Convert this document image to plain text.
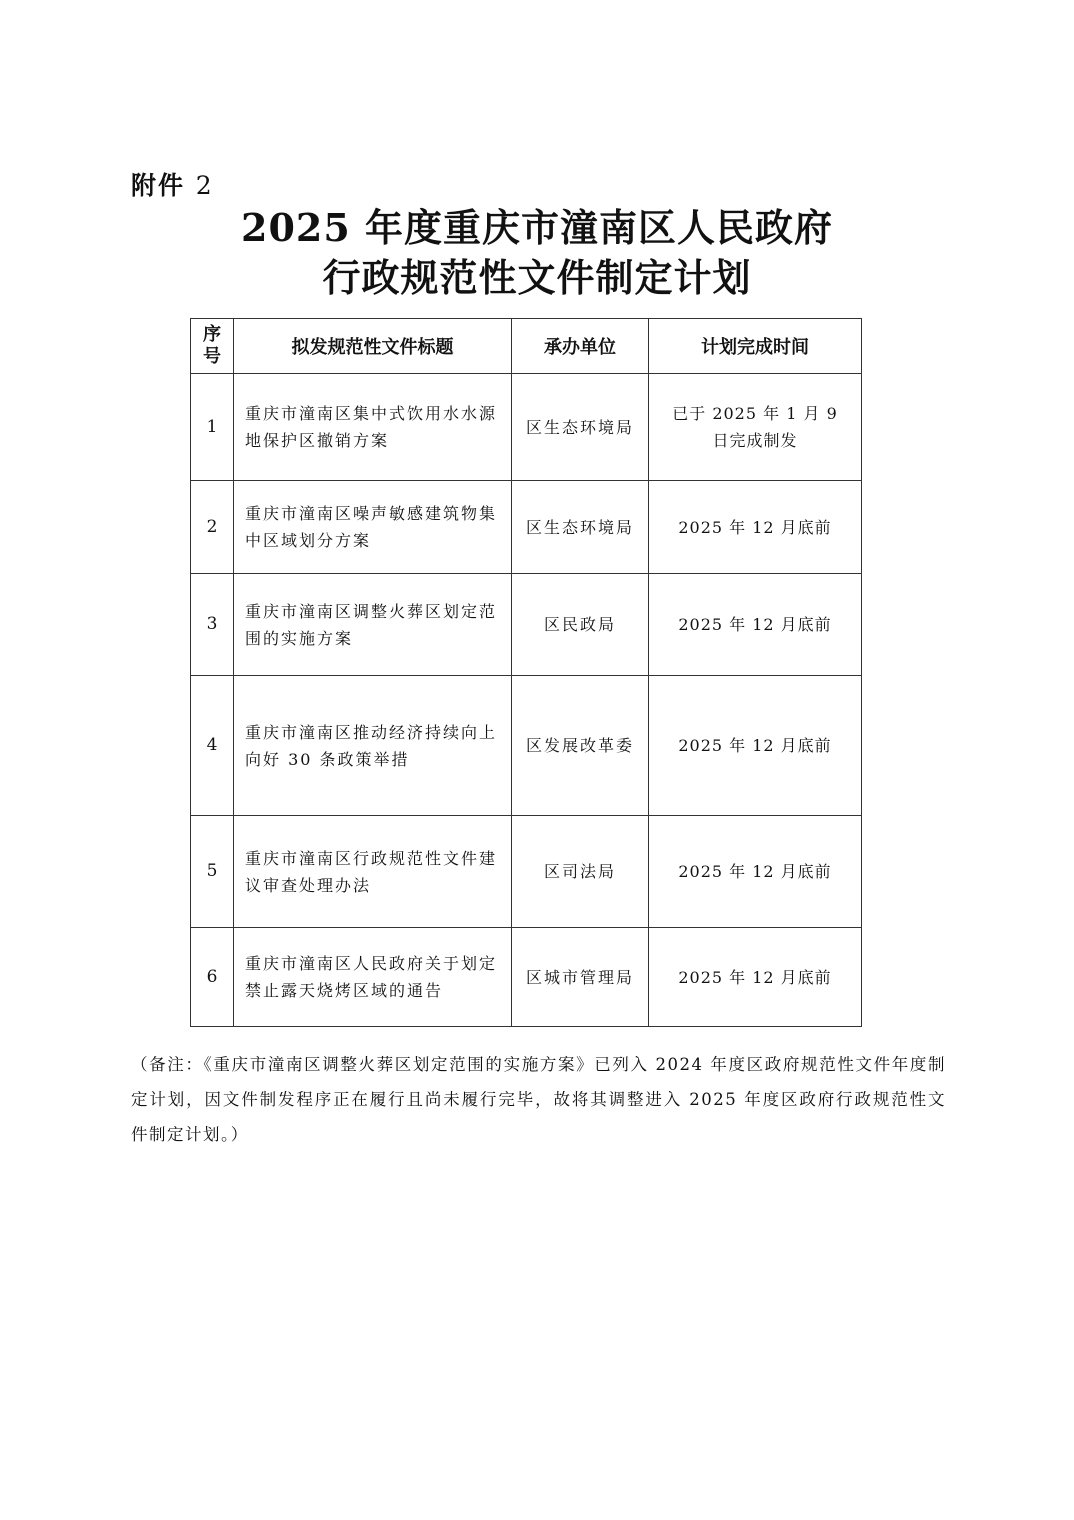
附件 2
2025 年度重庆市潼南区人民政府
行政规范性文件制定计划
序号	拟发规范性文件标题	承办单位	计划完成时间
1	重庆市潼南区集中式饮用水水源地保护区撤销方案	区生态环境局	已于 2025 年 1 月 9 日完成制发
2	重庆市潼南区噪声敏感建筑物集中区域划分方案	区生态环境局	2025 年 12 月底前
3	重庆市潼南区调整火葬区划定范围的实施方案	区民政局	2025 年 12 月底前
4	重庆市潼南区推动经济持续向上向好 30 条政策举措	区发展改革委	2025 年 12 月底前
5	重庆市潼南区行政规范性文件建议审查处理办法	区司法局	2025 年 12 月底前
6	重庆市潼南区人民政府关于划定禁止露天烧烤区域的通告	区城市管理局	2025 年 12 月底前
（备注：《重庆市潼南区调整火葬区划定范围的实施方案》已列入 2024 年度区政府规范性文件年度制定计划，因文件制发程序正在履行且尚未履行完毕，故将其调整进入 2025 年度区政府行政规范性文件制定计划。）
